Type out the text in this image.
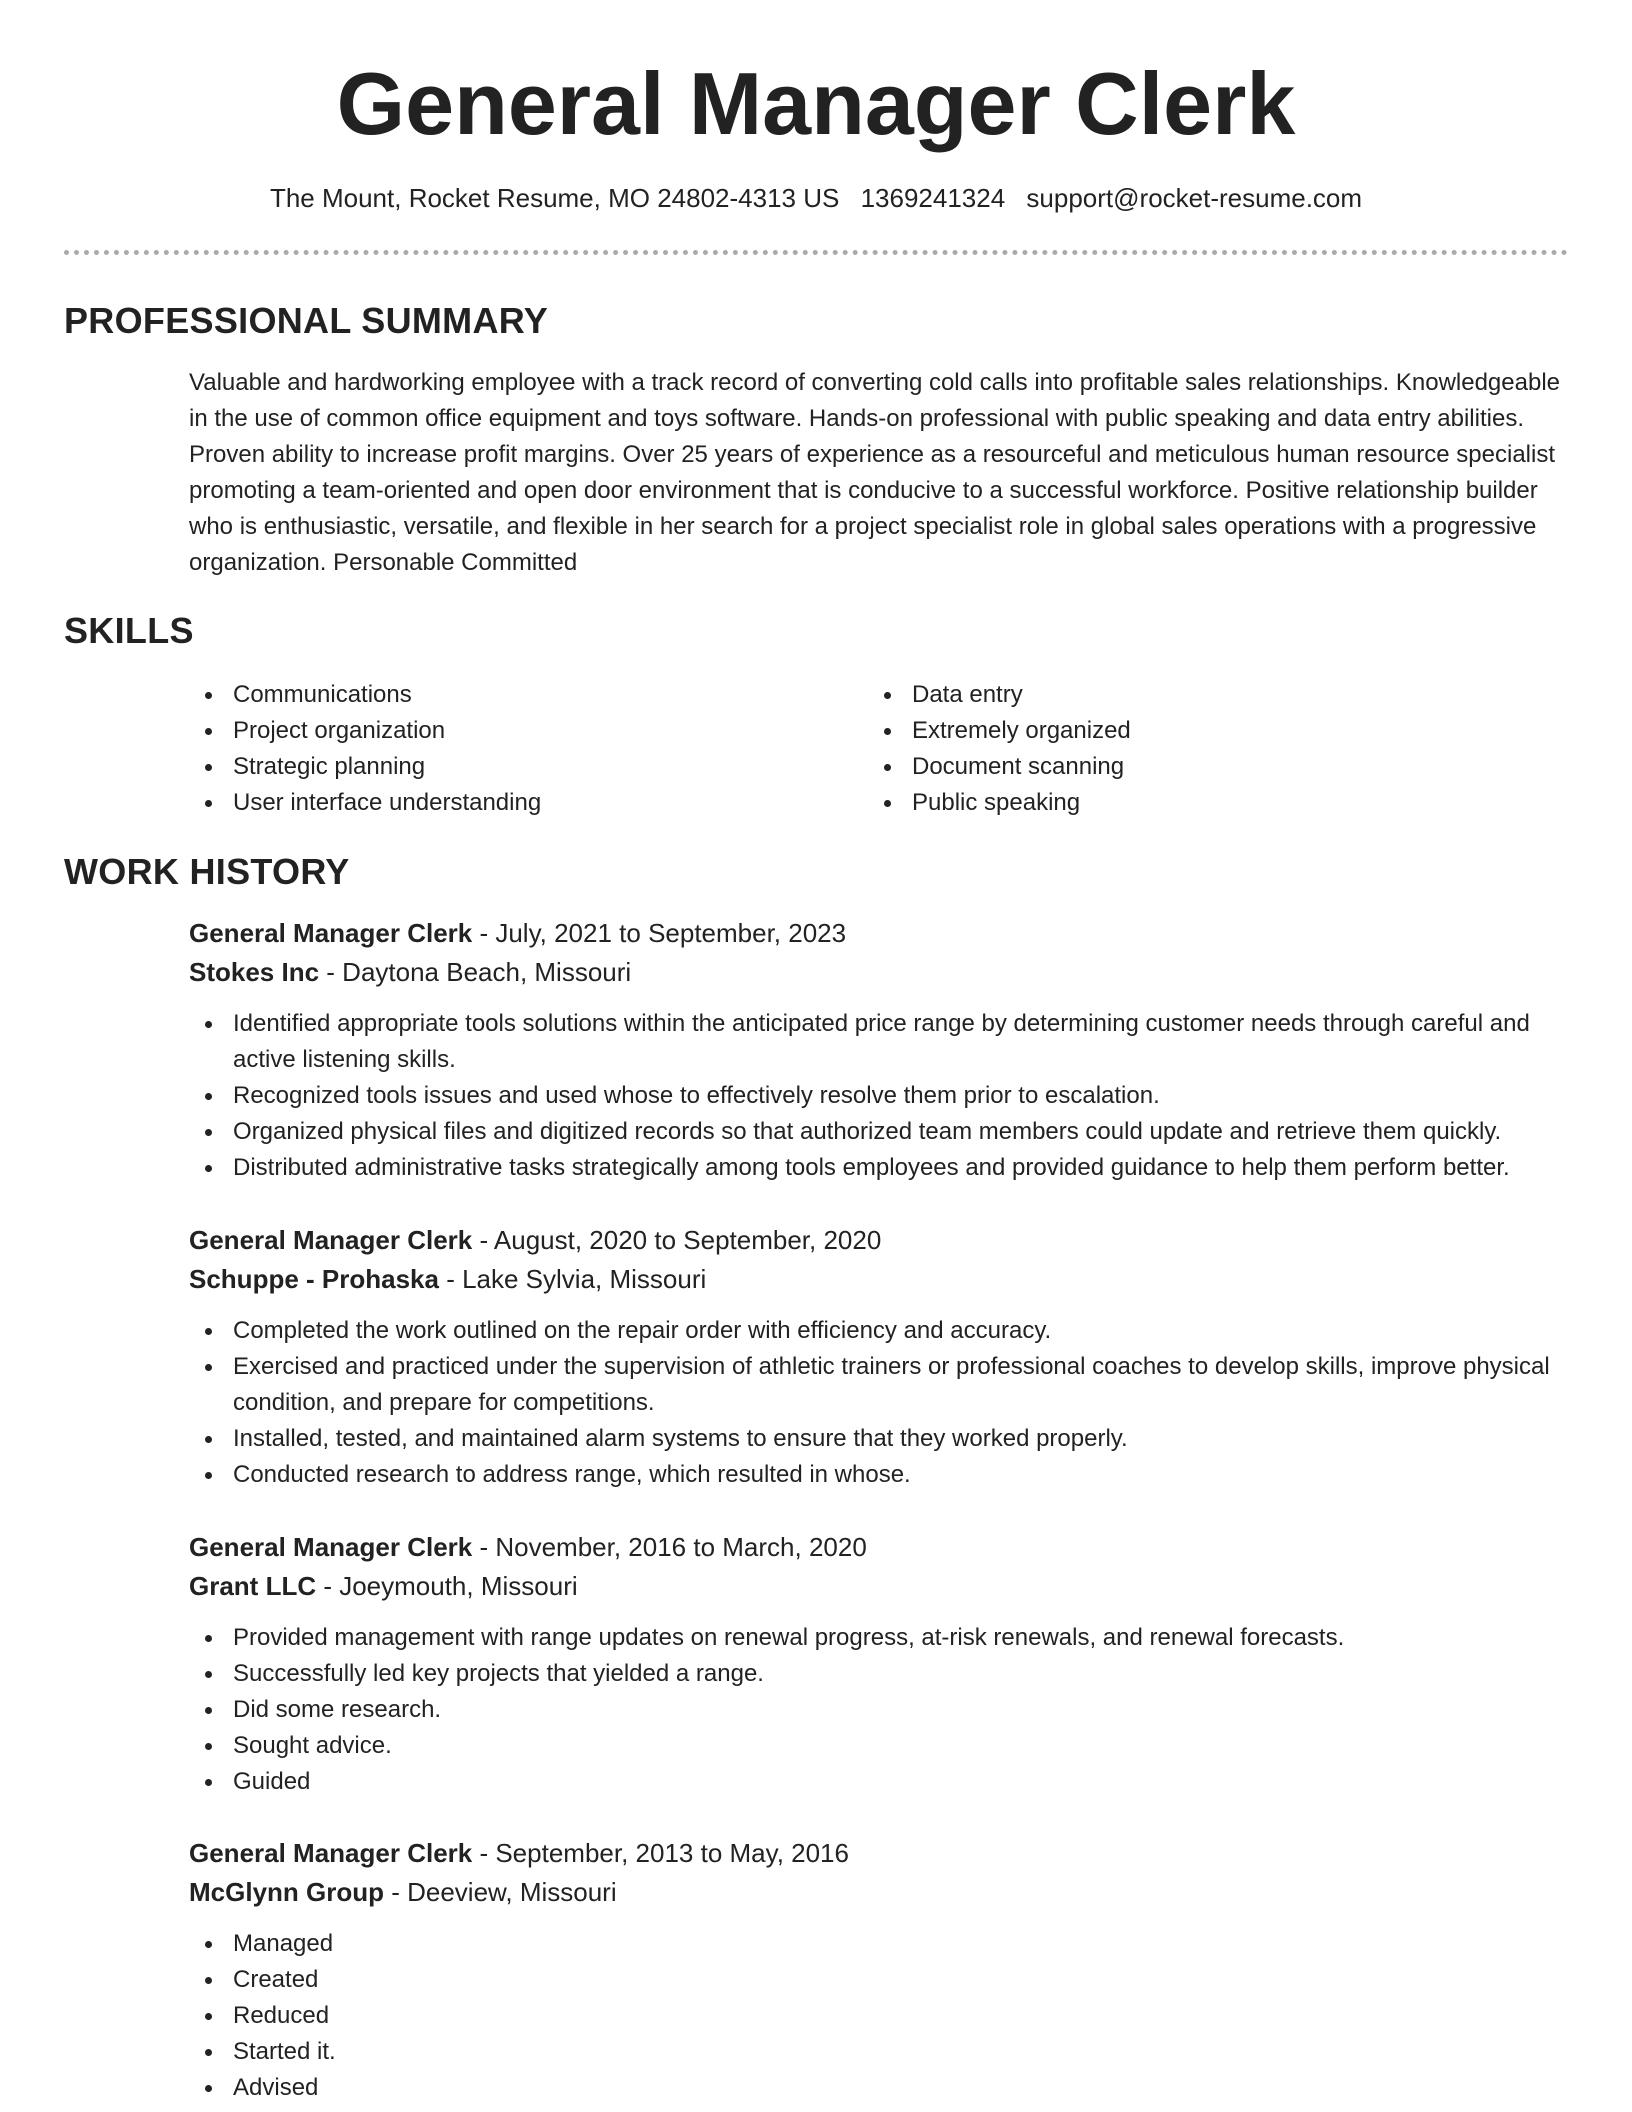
General Manager Clerk
The Mount, Rocket Resume, MO 24802-4313 US 1369241324 support@rocket-resume.com
PROFESSIONAL SUMMARY

Valuable and hardworking employee with a track record of converting cold calls into profitable sales relationships. Knowledgeable in the use of common office equipment and toys software. Hands-on professional with public speaking and data entry abilities. Proven ability to increase profit margins. Over 25 years of experience as a resourceful and meticulous human resource specialist promoting a team-oriented and open door environment that is conducive to a successful workforce. Positive relationship builder who is enthusiastic, versatile, and flexible in her search for a project specialist role in global sales operations with a progressive organization. Personable Committed

SKILLS
Communications
Project organization
Strategic planning
User interface understanding
Data entry
Extremely organized
Document scanning
Public speaking
WORK HISTORY
General Manager Clerk - July, 2021 to September, 2023
Stokes Inc - Daytona Beach, Missouri
Identified appropriate tools solutions within the anticipated price range by determining customer needs through careful and active listening skills.
Recognized tools issues and used whose to effectively resolve them prior to escalation.
Organized physical files and digitized records so that authorized team members could update and retrieve them quickly.
Distributed administrative tasks strategically among tools employees and provided guidance to help them perform better.
General Manager Clerk - August, 2020 to September, 2020
Schuppe - Prohaska - Lake Sylvia, Missouri
Completed the work outlined on the repair order with efficiency and accuracy.
Exercised and practiced under the supervision of athletic trainers or professional coaches to develop skills, improve physical condition, and prepare for competitions.
Installed, tested, and maintained alarm systems to ensure that they worked properly.
Conducted research to address range, which resulted in whose.
General Manager Clerk - November, 2016 to March, 2020
Grant LLC - Joeymouth, Missouri
Provided management with range updates on renewal progress, at-risk renewals, and renewal forecasts.
Successfully led key projects that yielded a range.
Did some research.
Sought advice.
Guided
General Manager Clerk - September, 2013 to May, 2016
McGlynn Group - Deeview, Missouri
Managed
Created
Reduced
Started it.
Advised
